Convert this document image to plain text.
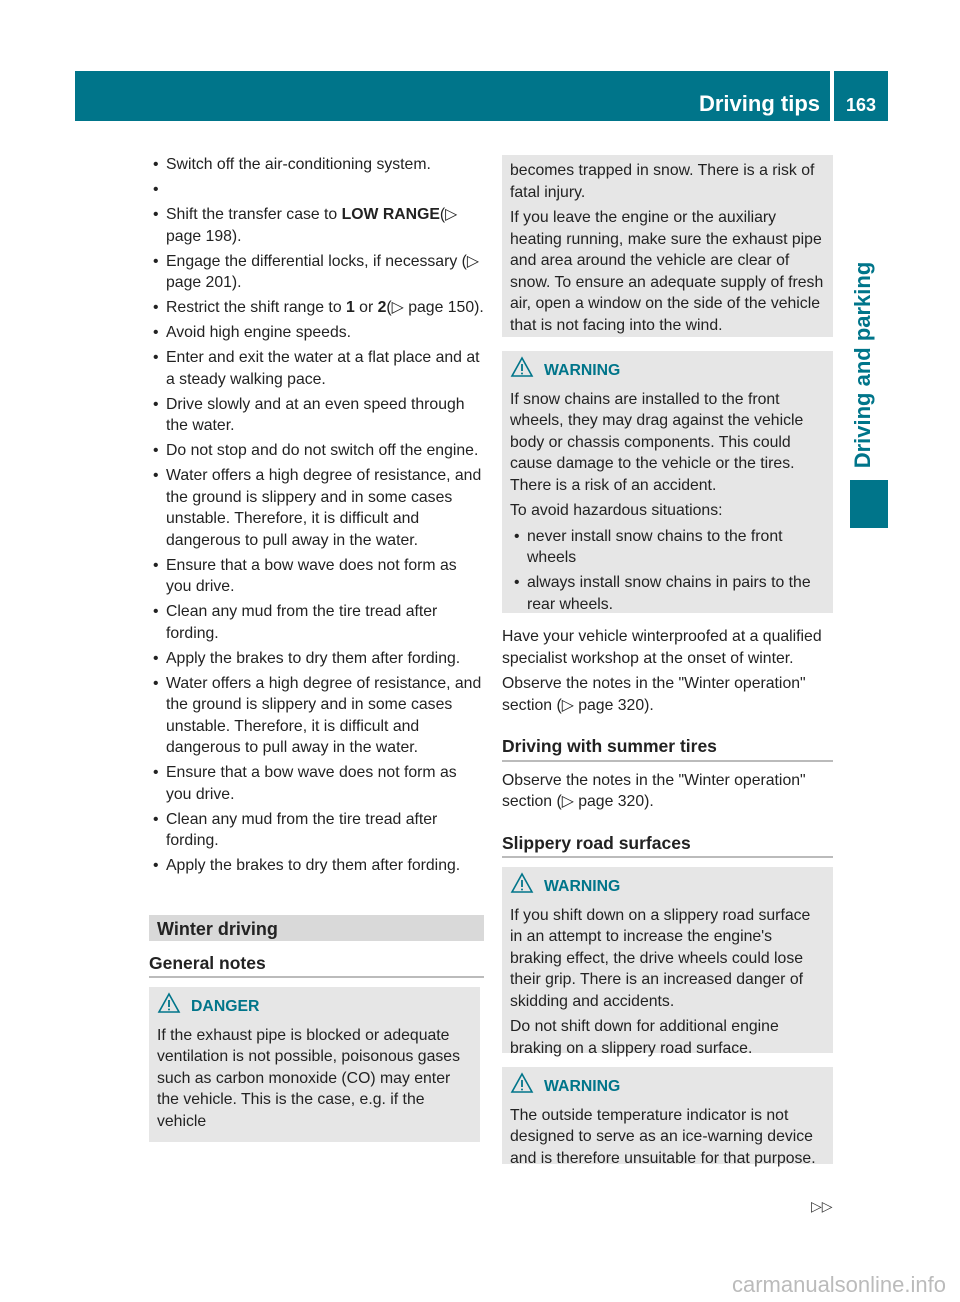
Driving tips	163
Driving and parking
• Switch off the air-conditioning system.
•
• Shift the transfer case to LOW RANGE(▷ page 198).
• Engage the differential locks, if necessary (▷ page 201).
• Restrict the shift range to 1 or 2(▷ page 150).
• Avoid high engine speeds.
• Enter and exit the water at a flat place and at a steady walking pace.
• Drive slowly and at an even speed through the water.
• Do not stop and do not switch off the engine.
• Water offers a high degree of resistance, and the ground is slippery and in some cases unstable. Therefore, it is difficult and dangerous to pull away in the water.
• Ensure that a bow wave does not form as you drive.
• Clean any mud from the tire tread after fording.
• Apply the brakes to dry them after fording.
• Water offers a high degree of resistance, and the ground is slippery and in some cases unstable. Therefore, it is difficult and dangerous to pull away in the water.
• Ensure that a bow wave does not form as you drive.
• Clean any mud from the tire tread after fording.
• Apply the brakes to dry them after fording.
Winter driving
General notes
DANGER

If the exhaust pipe is blocked or adequate ventilation is not possible, poisonous gases such as carbon monoxide (CO) may enter the vehicle. This is the case, e.g. if the vehicle

becomes trapped in snow. There is a risk of fatal injury.

If you leave the engine or the auxiliary heating running, make sure the exhaust pipe and area around the vehicle are clear of snow. To ensure an adequate supply of fresh air, open a window on the side of the vehicle that is not facing into the wind.

WARNING

If snow chains are installed to the front wheels, they may drag against the vehicle body or chassis components. This could cause damage to the vehicle or the tires. There is a risk of an accident.

To avoid hazardous situations:

• never install snow chains to the front wheels
• always install snow chains in pairs to the rear wheels.

Have your vehicle winterproofed at a qualified specialist workshop at the onset of winter.

Observe the notes in the "Winter operation" section (▷ page 320).

Driving with summer tires

Observe the notes in the "Winter operation" section (▷ page 320).

Slippery road surfaces
WARNING

If you shift down on a slippery road surface in an attempt to increase the engine's braking effect, the drive wheels could lose their grip. There is an increased danger of skidding and accidents.

Do not shift down for additional engine braking on a slippery road surface.

WARNING

The outside temperature indicator is not designed to serve as an ice-warning device and is therefore unsuitable for that purpose.

▷▷
carmanualsonline.info
